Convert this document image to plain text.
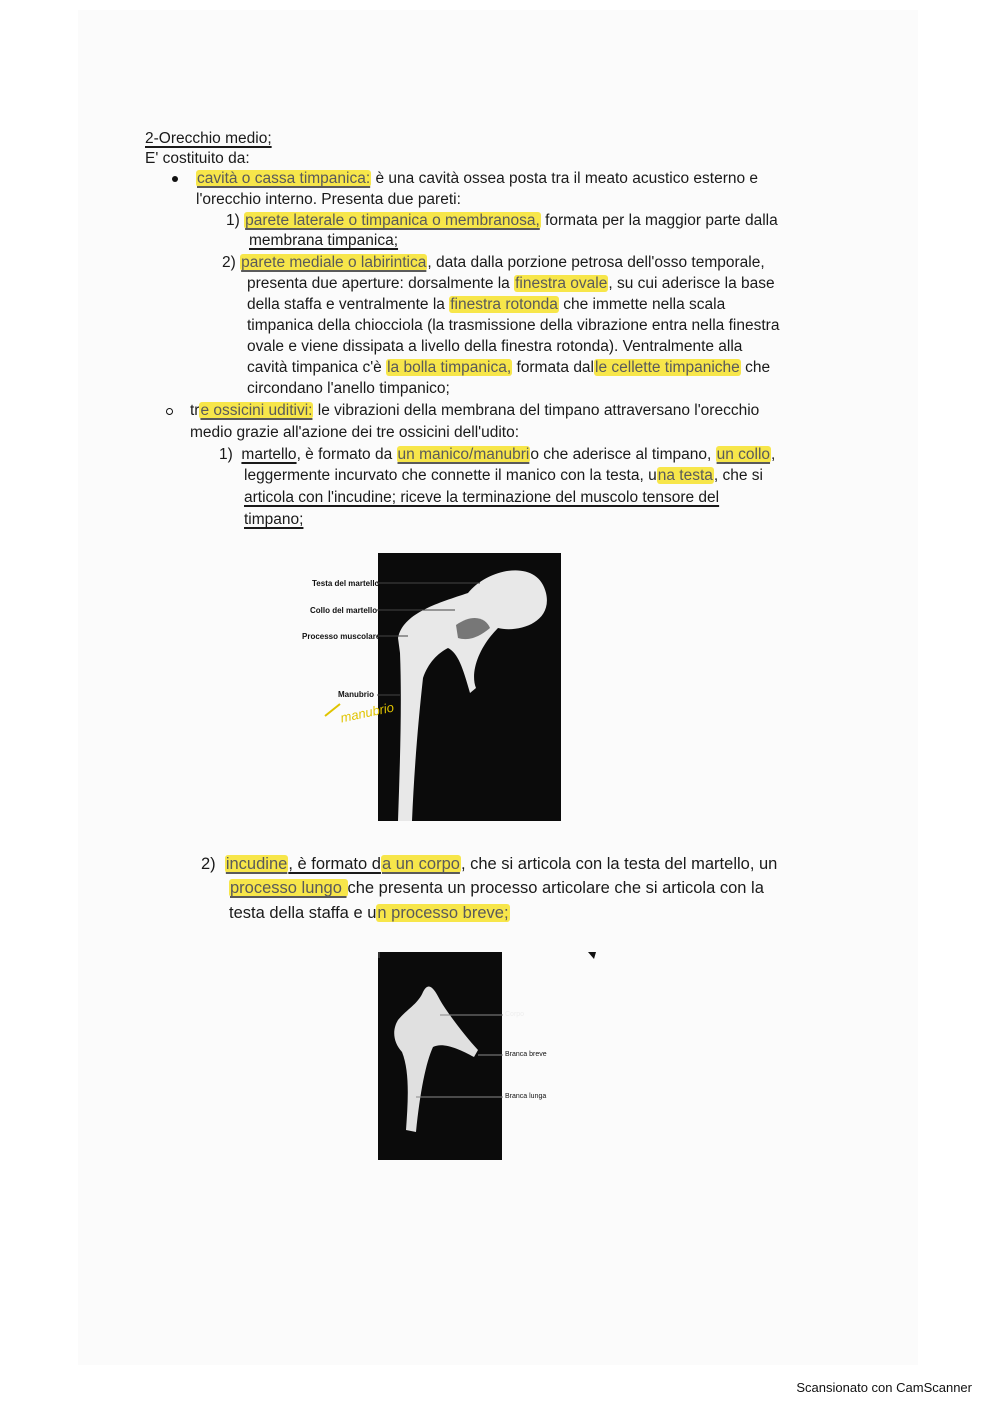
2-Orecchio medio;
E' costituito da:
cavità o cassa timpanica: è una cavità ossea posta tra il meato acustico esterno e
l'orecchio interno. Presenta due pareti:
1) parete laterale o timpanica o membranosa, formata per la maggior parte dalla
membrana timpanica;
2) parete mediale o labirintica, data dalla porzione petrosa dell'osso temporale,
presenta due aperture: dorsalmente la finestra ovale, su cui aderisce la base
della staffa e ventralmente la finestra rotonda che immette nella scala
timpanica della chiocciola (la trasmissione della vibrazione entra nella finestra
ovale e viene dissipata a livello della finestra rotonda). Ventralmente alla
cavità timpanica c'è la bolla timpanica, formata dalle cellette timpaniche che
circondano l'anello timpanico;
tre ossicini uditivi: le vibrazioni della membrana del timpano attraversano l'orecchio
medio grazie all'azione dei tre ossicini dell'udito:
1) martello, è formato da un manico/manubrio che aderisce al timpano, un collo,
leggermente incurvato che connette il manico con la testa, una testa, che si
articola con l'incudine; riceve la terminazione del muscolo tensore del
timpano;
Testa del martello
Collo del martello
Processo muscolare
Manubrio
manubrio
2) incudine, è formato da un corpo, che si articola con la testa del martello, un
processo lungo che presenta un processo articolare che si articola con la
testa della staffa e un processo breve;
Corpo
Branca breve
Branca lunga
Scansionato con CamScanner
